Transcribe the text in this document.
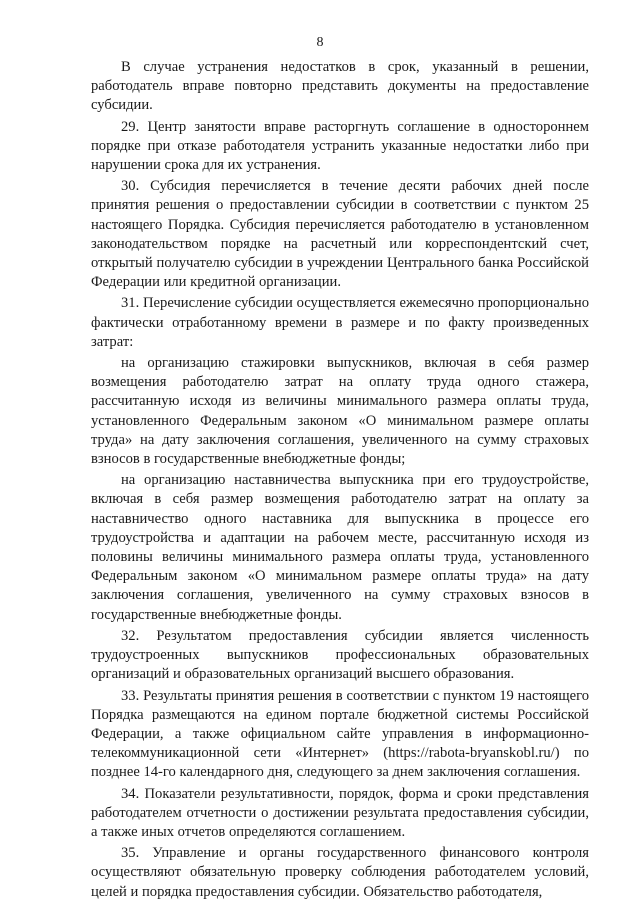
8

В случае устранения недостатков в срок, указанный в решении, работодатель вправе повторно представить документы на предоставление субсидии.

29. Центр занятости вправе расторгнуть соглашение в одностороннем порядке при отказе работодателя устранить указанные недостатки либо при нарушении срока для их устранения.

30. Субсидия перечисляется в течение десяти рабочих дней после принятия решения о предоставлении субсидии в соответствии с пунктом 25 настоящего Порядка. Субсидия перечисляется работодателю в установленном законодательством порядке на расчетный или корреспондентский счет, открытый получателю субсидии в учреждении Центрального банка Российской Федерации или кредитной организации.

31. Перечисление субсидии осуществляется ежемесячно пропорционально фактически отработанному времени в размере и по факту произведенных затрат:

на организацию стажировки выпускников, включая в себя размер возмещения работодателю затрат на оплату труда одного стажера, рассчитанную исходя из величины минимального размера оплаты труда, установленного Федеральным законом «О минимальном размере оплаты труда» на дату заключения соглашения, увеличенного на сумму страховых взносов в государственные внебюджетные фонды;

на организацию наставничества выпускника при его трудоустройстве, включая в себя размер возмещения работодателю затрат на оплату за наставничество одного наставника для выпускника в процессе его трудоустройства и адаптации на рабочем месте, рассчитанную исходя из половины величины минимального размера оплаты труда, установленного Федеральным законом «О минимальном размере оплаты труда» на дату заключения соглашения, увеличенного на сумму страховых взносов в государственные внебюджетные фонды.

32. Результатом предоставления субсидии является численность трудоустроенных выпускников профессиональных образовательных организаций и образовательных организаций высшего образования.

33. Результаты принятия решения в соответствии с пунктом 19 настоящего Порядка размещаются на едином портале бюджетной системы Российской Федерации, а также официальном сайте управления в информационно-телекоммуникационной сети «Интернет» (https://rabota-bryanskobl.ru/) по позднее 14-го календарного дня, следующего за днем заключения соглашения.

34. Показатели результативности, порядок, форма и сроки представления работодателем отчетности о достижении результата предоставления субсидии, а также иных отчетов определяются соглашением.

35. Управление и органы государственного финансового контроля осуществляют обязательную проверку соблюдения работодателем условий, целей и порядка предоставления субсидии. Обязательство работодателя,
